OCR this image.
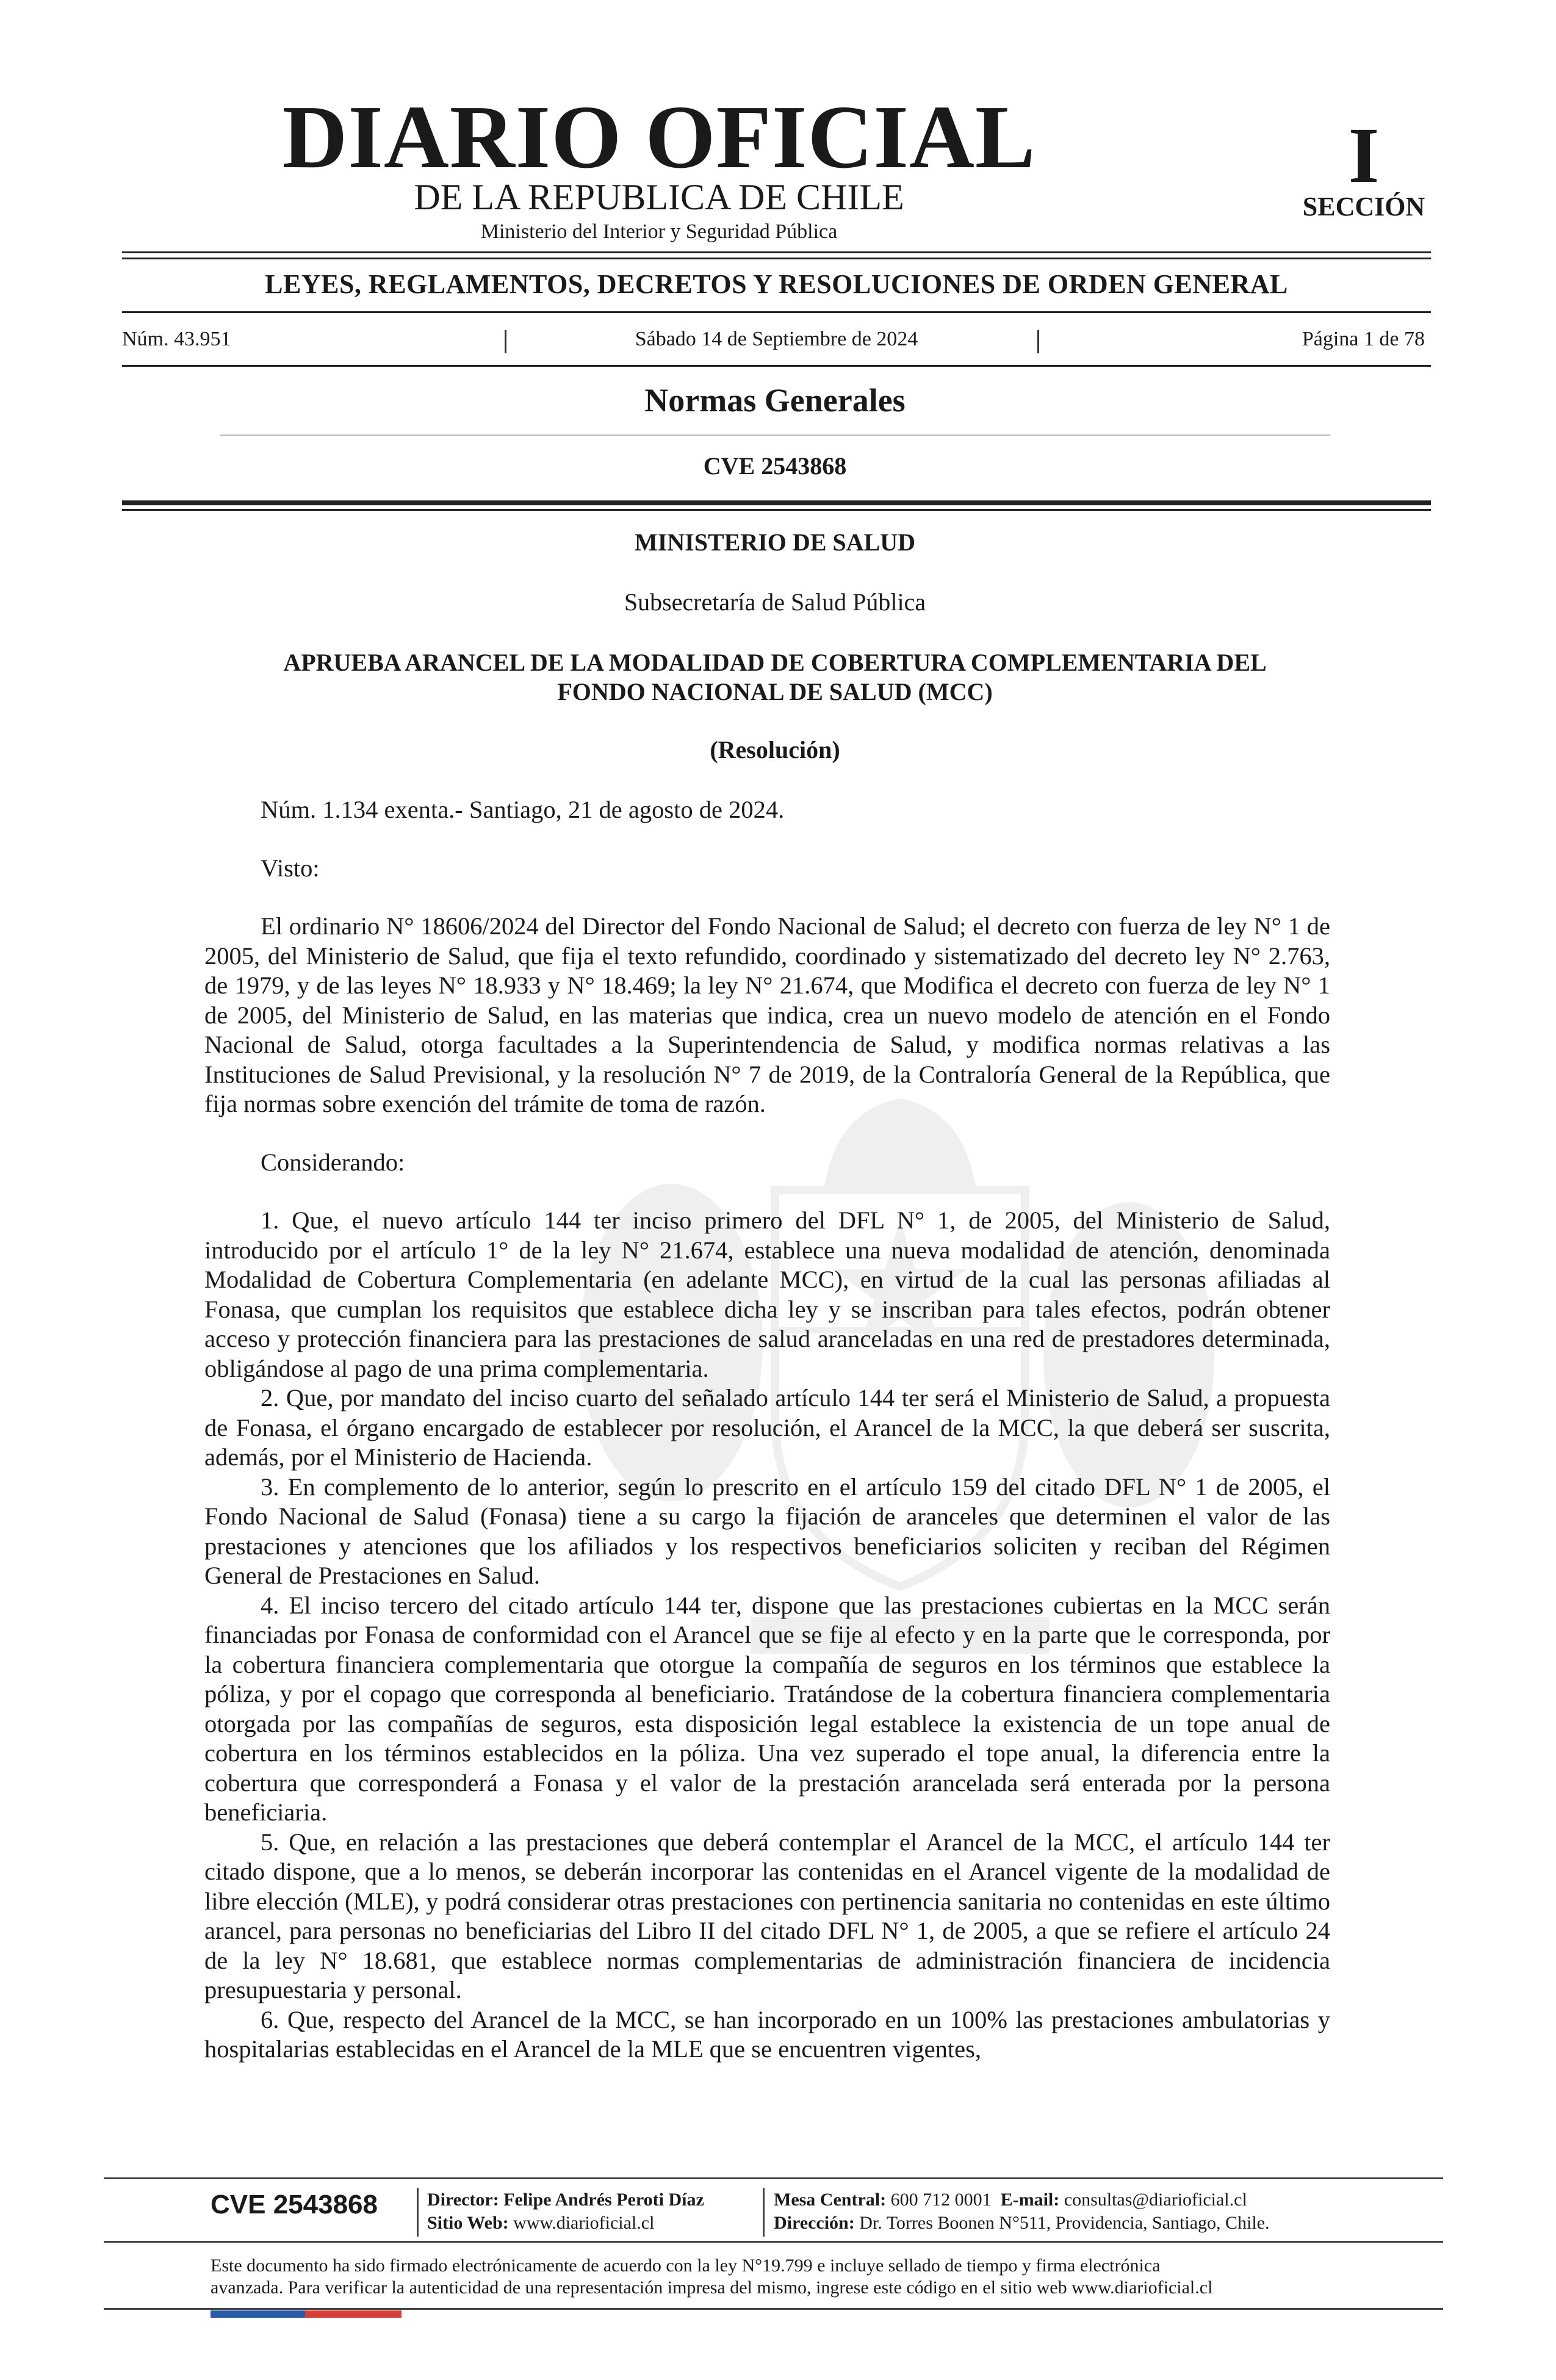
DIARIO OFICIAL
DE LA REPUBLICA DE CHILE
Ministerio del Interior y Seguridad Pública
I
SECCIÓN
LEYES, REGLAMENTOS, DECRETOS Y RESOLUCIONES DE ORDEN GENERAL
Núm. 43.951	Sábado 14 de Septiembre de 2024	Página 1 de 78
Normas Generales
CVE 2543868
MINISTERIO DE SALUD
Subsecretaría de Salud Pública
APRUEBA ARANCEL DE LA MODALIDAD DE COBERTURA COMPLEMENTARIA DEL
FONDO NACIONAL DE SALUD (MCC)
(Resolución)

Núm. 1.134 exenta.- Santiago, 21 de agosto de 2024.

Visto:

El ordinario N° 18606/2024 del Director del Fondo Nacional de Salud; el decreto con fuerza de ley N° 1 de 2005, del Ministerio de Salud, que fija el texto refundido, coordinado y sistematizado del decreto ley N° 2.763, de 1979, y de las leyes N° 18.933 y N° 18.469; la ley N° 21.674, que Modifica el decreto con fuerza de ley N° 1 de 2005, del Ministerio de Salud, en las materias que indica, crea un nuevo modelo de atención en el Fondo Nacional de Salud, otorga facultades a la Superintendencia de Salud, y modifica normas relativas a las Instituciones de Salud Previsional, y la resolución N° 7 de 2019, de la Contraloría General de la República, que fija normas sobre exención del trámite de toma de razón.

Considerando:

1. Que, el nuevo artículo 144 ter inciso primero del DFL N° 1, de 2005, del Ministerio de Salud, introducido por el artículo 1° de la ley N° 21.674, establece una nueva modalidad de atención, denominada Modalidad de Cobertura Complementaria (en adelante MCC), en virtud de la cual las personas afiliadas al Fonasa, que cumplan los requisitos que establece dicha ley y se inscriban para tales efectos, podrán obtener acceso y protección financiera para las prestaciones de salud aranceladas en una red de prestadores determinada, obligándose al pago de una prima complementaria.

2. Que, por mandato del inciso cuarto del señalado artículo 144 ter será el Ministerio de Salud, a propuesta de Fonasa, el órgano encargado de establecer por resolución, el Arancel de la MCC, la que deberá ser suscrita, además, por el Ministerio de Hacienda.

3. En complemento de lo anterior, según lo prescrito en el artículo 159 del citado DFL N° 1 de 2005, el Fondo Nacional de Salud (Fonasa) tiene a su cargo la fijación de aranceles que determinen el valor de las prestaciones y atenciones que los afiliados y los respectivos beneficiarios soliciten y reciban del Régimen General de Prestaciones en Salud.

4. El inciso tercero del citado artículo 144 ter, dispone que las prestaciones cubiertas en la MCC serán financiadas por Fonasa de conformidad con el Arancel que se fije al efecto y en la parte que le corresponda, por la cobertura financiera complementaria que otorgue la compañía de seguros en los términos que establece la póliza, y por el copago que corresponda al beneficiario. Tratándose de la cobertura financiera complementaria otorgada por las compañías de seguros, esta disposición legal establece la existencia de un tope anual de cobertura en los términos establecidos en la póliza. Una vez superado el tope anual, la diferencia entre la cobertura que corresponderá a Fonasa y el valor de la prestación arancelada será enterada por la persona beneficiaria.

5. Que, en relación a las prestaciones que deberá contemplar el Arancel de la MCC, el artículo 144 ter citado dispone, que a lo menos, se deberán incorporar las contenidas en el Arancel vigente de la modalidad de libre elección (MLE), y podrá considerar otras prestaciones con pertinencia sanitaria no contenidas en este último arancel, para personas no beneficiarias del Libro II del citado DFL N° 1, de 2005, a que se refiere el artículo 24 de la ley N° 18.681, que establece normas complementarias de administración financiera de incidencia presupuestaria y personal.

6. Que, respecto del Arancel de la MCC, se han incorporado en un 100% las prestaciones ambulatorias y hospitalarias establecidas en el Arancel de la MLE que se encuentren vigentes,

CVE 2543868	Director: Felipe Andrés Peroti Díaz
Sitio Web: www.diarioficial.cl
Mesa Central: 600 712 0001 E-mail: consultas@diarioficial.cl
Dirección: Dr. Torres Boonen N°511, Providencia, Santiago, Chile.
Este documento ha sido firmado electrónicamente de acuerdo con la ley N°19.799 e incluye sellado de tiempo y firma electrónica
avanzada. Para verificar la autenticidad de una representación impresa del mismo, ingrese este código en el sitio web www.diarioficial.cl
